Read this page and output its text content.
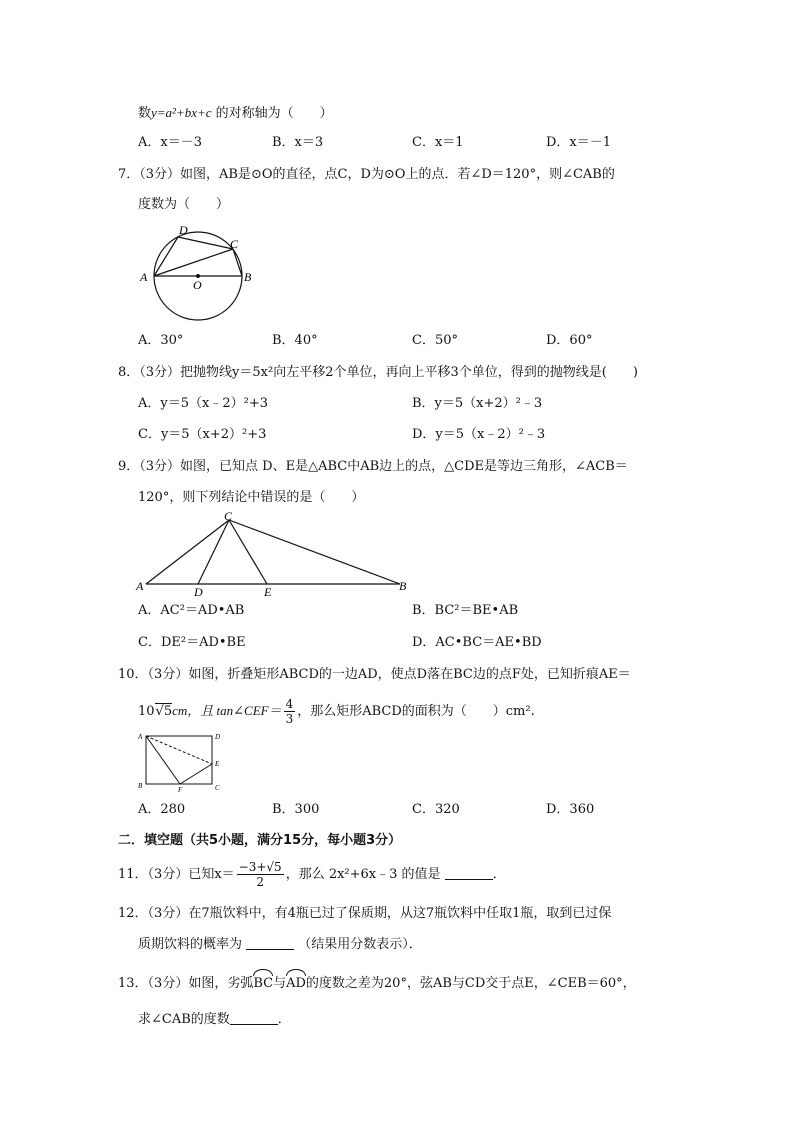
数y=a²+bx+c 的对称轴为（　　）
A．x＝－3	B．x＝3	C．x＝1	D．x＝－1
7．（3分）如图，AB是⊙O的直径，点C，D为⊙O上的点．若∠D＝120°，则∠CAB的
度数为（　　）
D
C
A	B
O
A．30°	B．40°	C．50°	D．60°
8．（3分）把抛物线y＝5x²向左平移2个单位，再向上平移3个单位，得到的抛物线是(　　)
A．y＝5（x﹣2）²+3	B．y＝5（x+2）²﹣3
C．y＝5（x+2）²+3	D．y＝5（x﹣2）²﹣3
9．（3分）如图，已知点 D、E是△ABC中AB边上的点，△CDE是等边三角形，∠ACB＝
120°，则下列结论中错误的是（　　）
C
A	D	E	B
A．AC²＝AD•AB	B．BC²＝BE•AB
C．DE²＝AD•BE	D．AC•BC＝AE•BD
10．（3分）如图，折叠矩形ABCD的一边AD，使点D落在BC边的点F处，已知折痕AE＝
10√5cm，且 tan∠CEF＝ $\frac{4}{3}$ ，那么矩形ABCD的面积为（　　）cm².
A	D
E
B	F	C
A．280	B．300	C．320	D．360
二．填空题（共5小题，满分15分，每小题3分）
11．（3分）已知$x= \frac{-3+√5}{2}$ ，那么 2x²+6x﹣3 的值是	．
12．（3分）在7瓶饮料中，有4瓶已过了保质期，从这7瓶饮料中任取1瓶，取到已过保
质期饮料的概率为	（结果用分数表示）．
13．（3分）如图，劣弧BC与AD的度数之差为20°，弦AB与CD交于点E，∠CEB＝60°，
求∠CAB的度数	．
